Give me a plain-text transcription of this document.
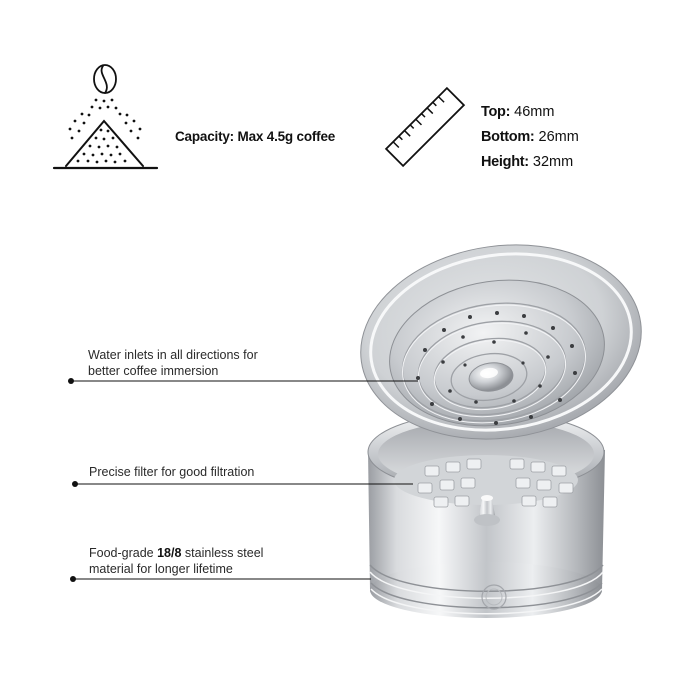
Capacity: Max 4.5g coffee
Top: 46mm
Bottom: 26mm
Height: 32mm
Water inlets in all directions for
better coffee immersion
Precise filter for good filtration
Food-grade 18/8 stainless steel
material for longer lifetime
